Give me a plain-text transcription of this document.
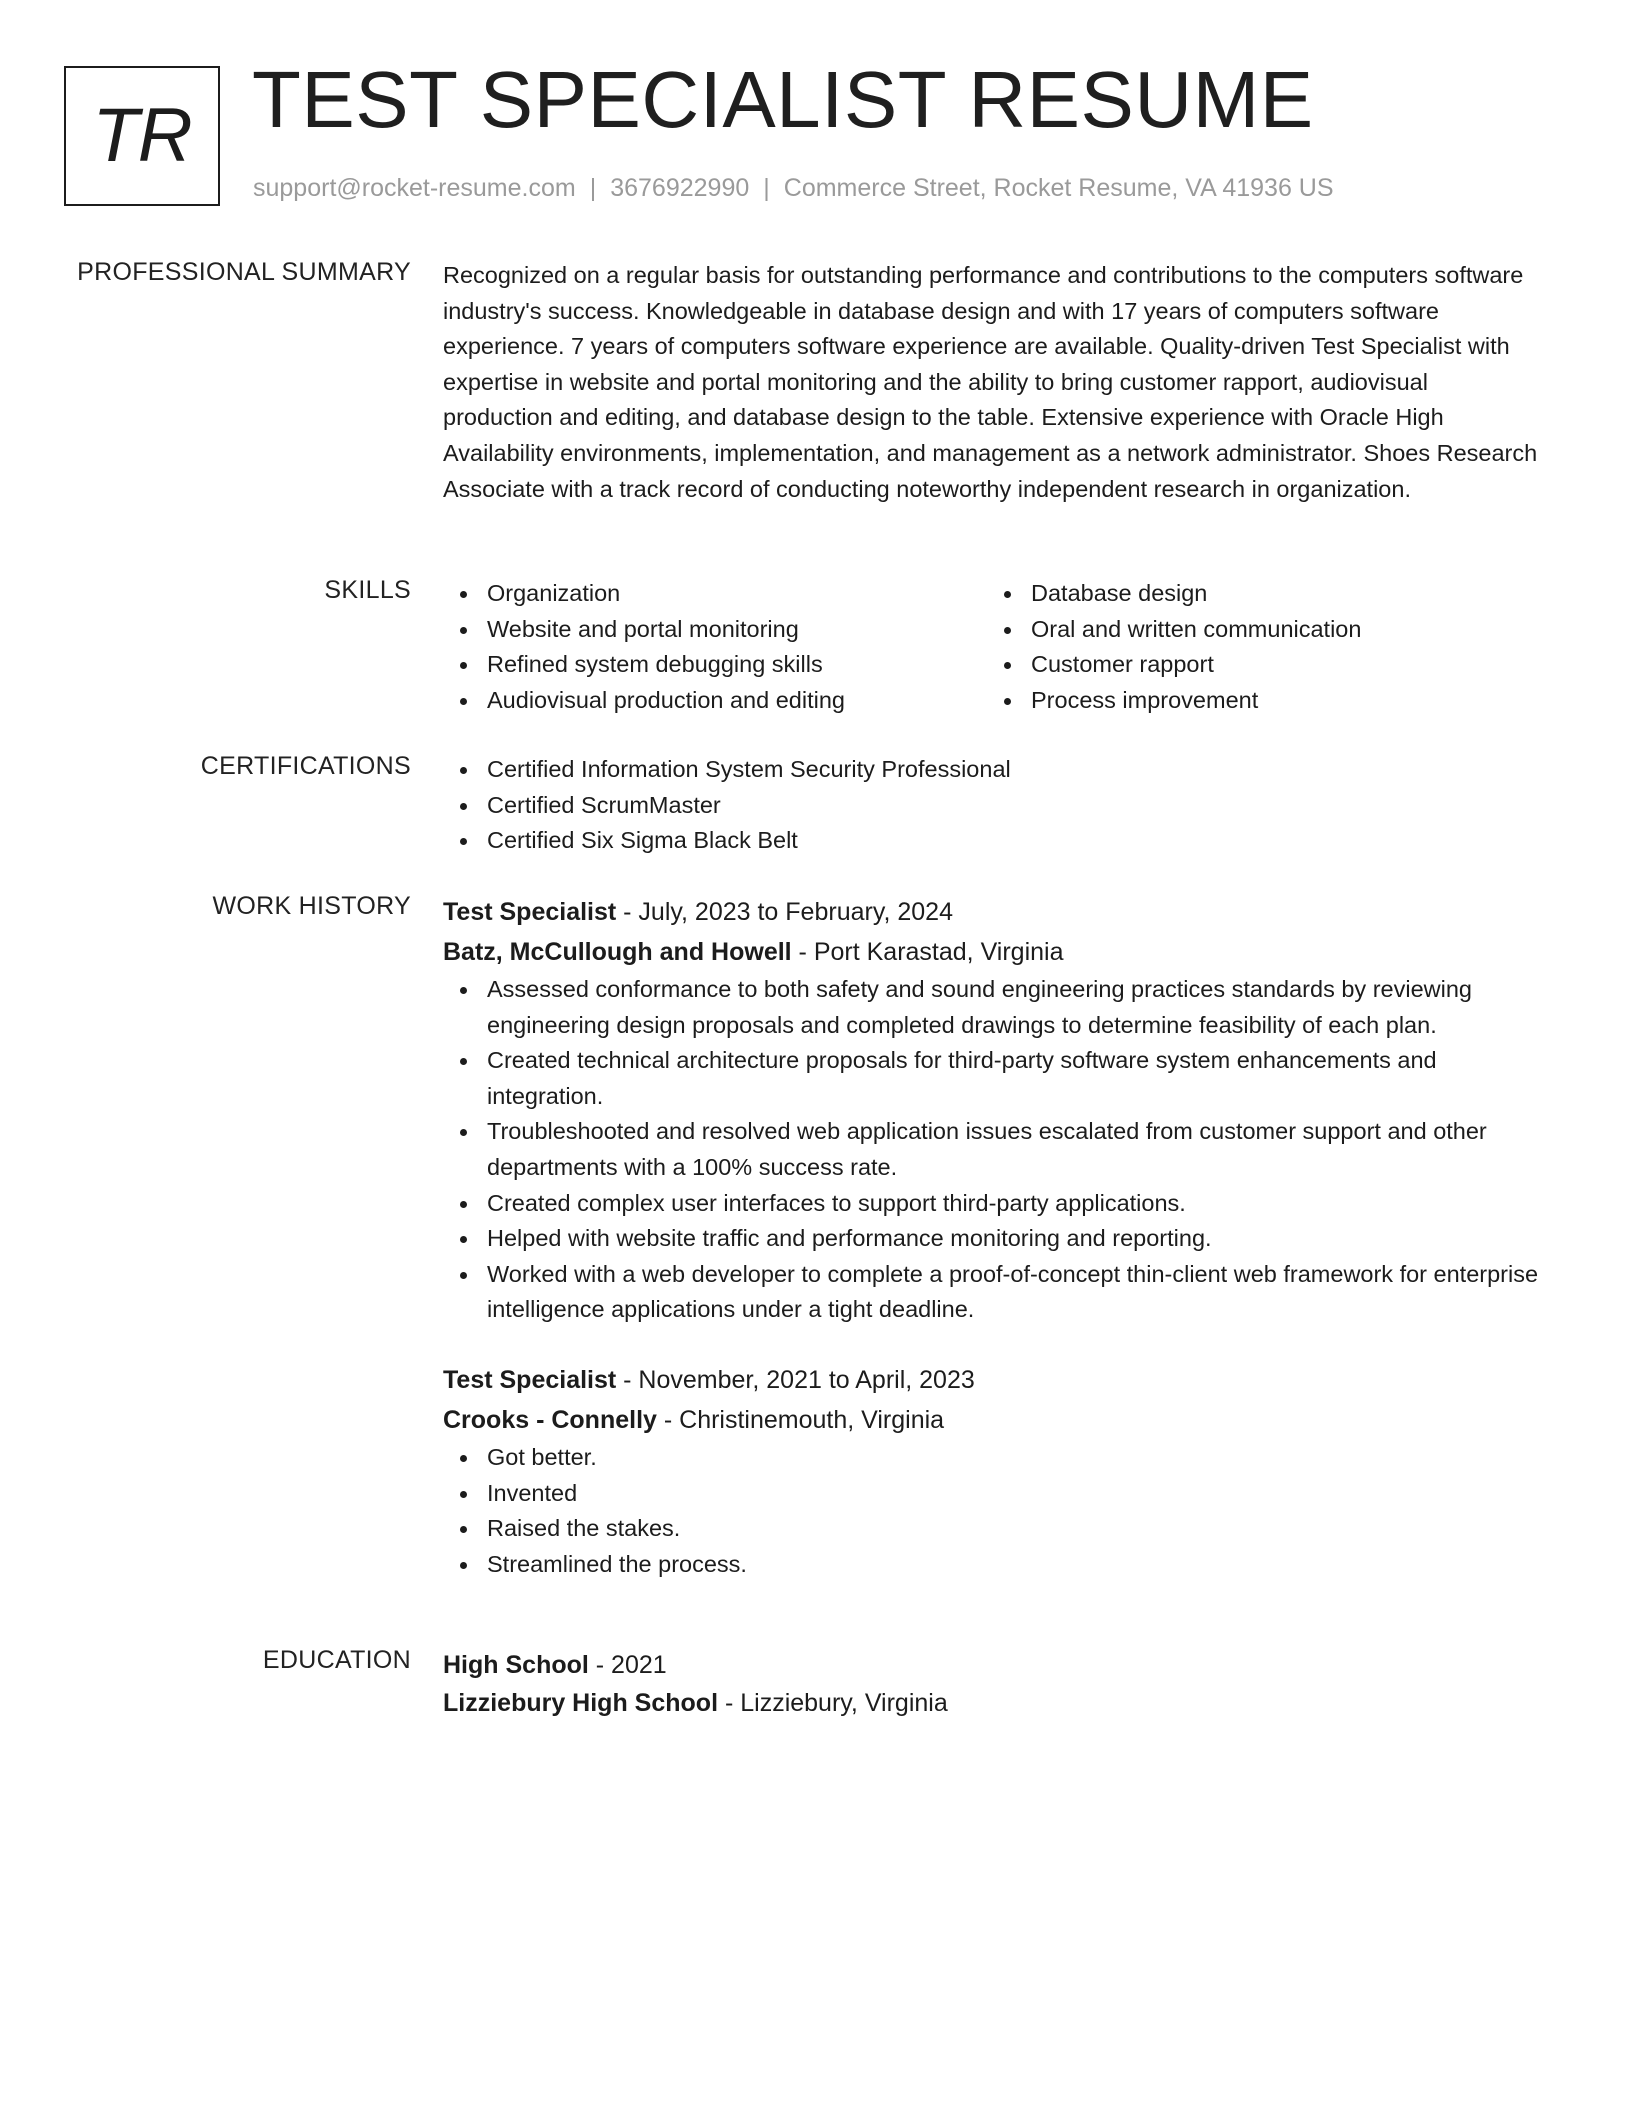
TR TEST SPECIALIST RESUME
support@rocket-resume.com | 3676922990 | Commerce Street, Rocket Resume, VA 41936 US
PROFESSIONAL SUMMARY Recognized on a regular basis for outstanding performance and contributions to the computers software industry's success. Knowledgeable in database design and with 17 years of computers software experience. 7 years of computers software experience are available. Quality-driven Test Specialist with expertise in website and portal monitoring and the ability to bring customer rapport, audiovisual production and editing, and database design to the table. Extensive experience with Oracle High Availability environments, implementation, and management as a network administrator. Shoes Research Associate with a track record of conducting noteworthy independent research in organization.

SKILLS	Organization
Website and portal monitoring
Refined system debugging skills
Audiovisual production and editing
Database design
Oral and written communication
Customer rapport
Process improvement
CERTIFICATIONS	Certified Information System Security Professional
Certified ScrumMaster
Certified Six Sigma Black Belt
WORK HISTORY Test Specialist - July, 2023 to February, 2024
Batz, McCullough and Howell - Port Karastad, Virginia
Assessed conformance to both safety and sound engineering practices standards by reviewing engineering design proposals and completed drawings to determine feasibility of each plan.
Created technical architecture proposals for third-party software system enhancements and integration.
Troubleshooted and resolved web application issues escalated from customer support and other departments with a 100% success rate.
Created complex user interfaces to support third-party applications.
Helped with website traffic and performance monitoring and reporting.
Worked with a web developer to complete a proof-of-concept thin-client web framework for enterprise intelligence applications under a tight deadline.
Test Specialist - November, 2021 to April, 2023
Crooks - Connelly - Christinemouth, Virginia
Got better.
Invented
Raised the stakes.
Streamlined the process.
EDUCATION High School - 2021
Lizziebury High School - Lizziebury, Virginia
